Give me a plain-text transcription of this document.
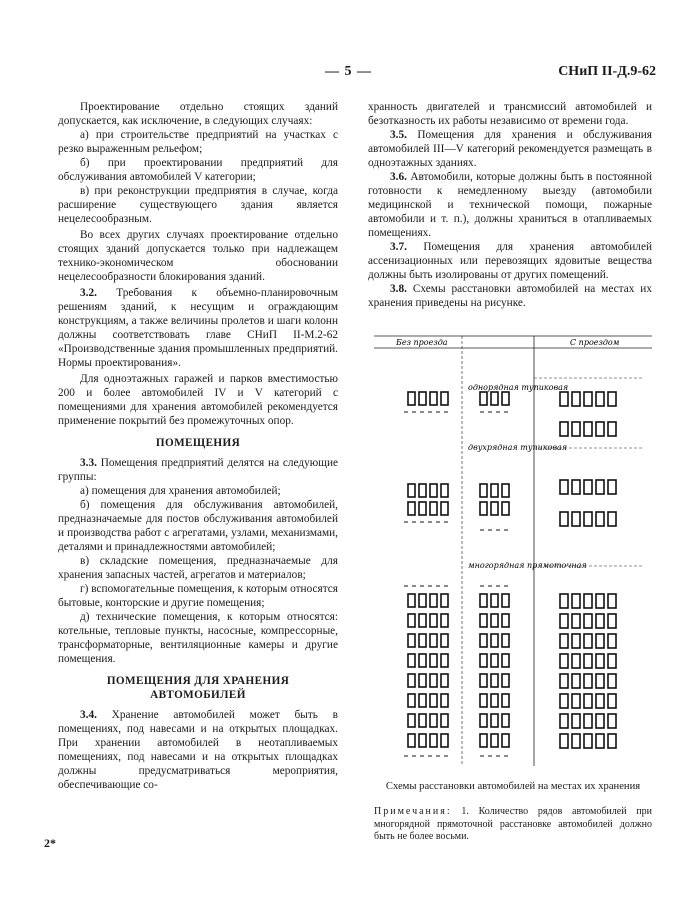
— 5 —	СНиП II-Д.9-62

Проектирование отдельно стоящих зданий допускается, как исключение, в следующих случаях:

а) при строительстве предприятий на участках с резко выраженным рельефом;

б) при проектировании предприятий для обслуживания автомобилей V категории;

в) при реконструкции предприятия в случае, когда расширение существующего здания является нецелесообразным.

Во всех других случаях проектирование отдельно стоящих зданий допускается только при надлежащем технико-экономическом обосновании нецелесообразности блокирования зданий.

3.2. Требования к объемно-планировочным решениям зданий, к несущим и ограждающим конструкциям, а также величины пролетов и шаги колонн должны соответствовать главе СНиП II-М.2-62 «Производственные здания промышленных предприятий. Нормы проектирования».

Для одноэтажных гаражей и парков вместимостью 200 и более автомобилей IV и V категорий с помещениями для хранения автомобилей рекомендуется применение покрытий без промежуточных опор.

ПОМЕЩЕНИЯ

3.3. Помещения предприятий делятся на следующие группы:

а) помещения для хранения автомобилей;

б) помещения для обслуживания автомобилей, предназначаемые для постов обслуживания автомобилей и производства работ с агрегатами, узлами, механизмами, деталями и принадлежностями автомобилей;

в) складские помещения, предназначаемые для хранения запасных частей, агрегатов и материалов;

г) вспомогательные помещения, к которым относятся бытовые, конторские и другие помещения;

д) технические помещения, к которым относятся: котельные, тепловые пункты, насосные, компрессорные, трансформаторные, вентиляционные камеры и другие помещения.

ПОМЕЩЕНИЯ ДЛЯ ХРАНЕНИЯ АВТОМОБИЛЕЙ

3.4. Хранение автомобилей может быть в помещениях, под навесами и на открытых площадках. При хранении автомобилей в неотапливаемых помещениях, под навесами и на открытых площадках должны предусматриваться мероприятия, обеспечивающие со-

хранность двигателей и трансмиссий автомобилей и безотказность их работы независимо от времени года.

3.5. Помещения для хранения и обслуживания автомобилей III—V категорий рекомендуется размещать в одноэтажных зданиях.

3.6. Автомобили, которые должны быть в постоянной готовности к немедленному выезду (автомобили медицинской и технической помощи, пожарные автомобили и т. п.), должны храниться в отапливаемых помещениях.

3.7. Помещения для хранения автомобилей ассенизационных или перевозящих ядовитые вещества должны быть изолированы от других помещений.

3.8. Схемы расстановки автомобилей на местах их хранения приведены на рисунке.

Без проезда	С проездом
однорядная тупиковая
двухрядная тупиковая
многорядная прямоточная
Схемы расстановки автомобилей на местах их хранения
Примечания: 1. Количество рядов автомобилей при многорядной прямоточной расстановке автомобилей должно быть не более восьми.
2*
